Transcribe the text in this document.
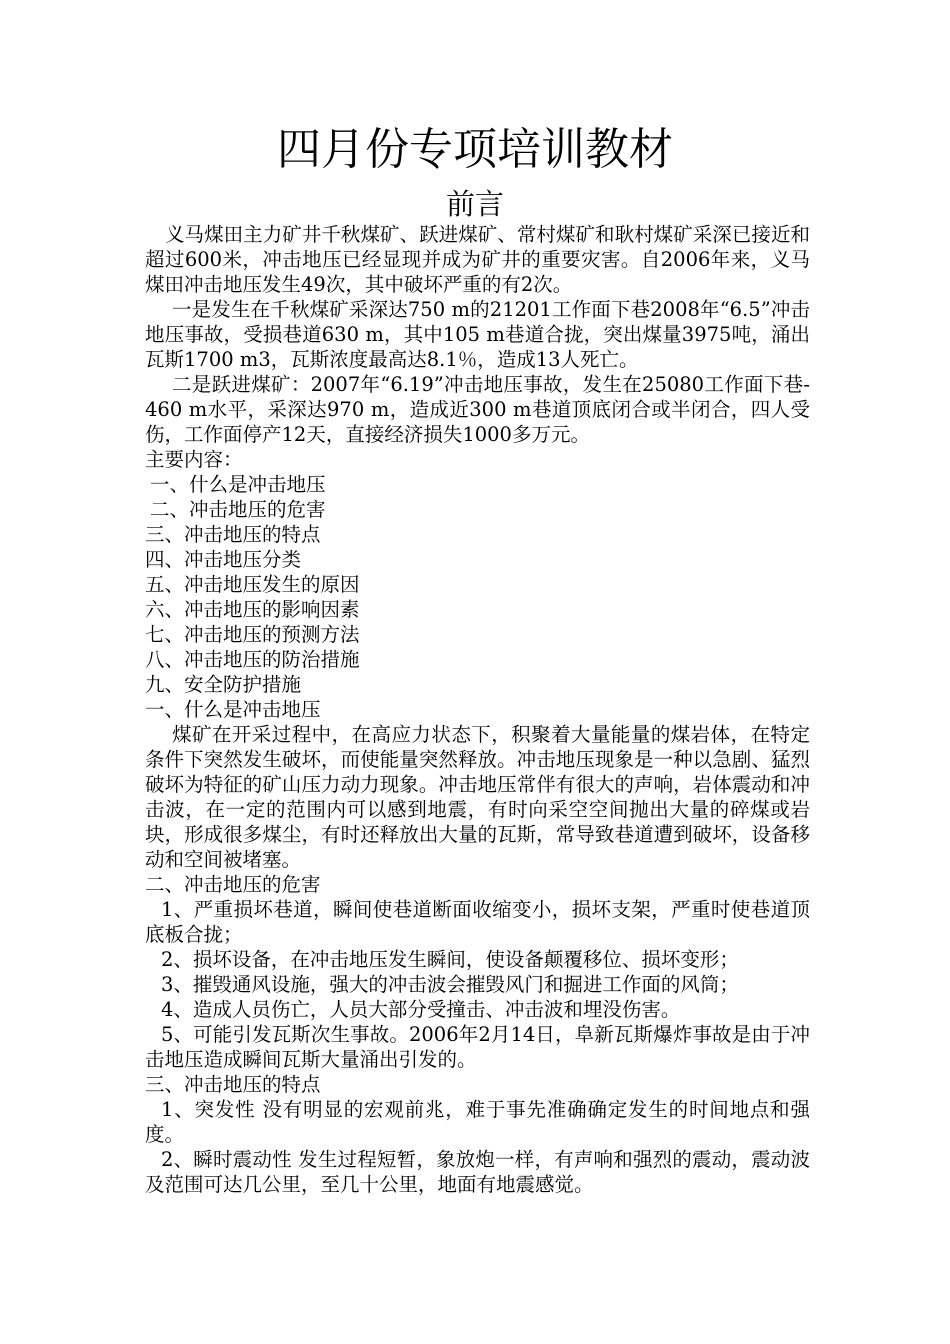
四月份专项培训教材
前言

义马煤田主力矿井千秋煤矿、跃进煤矿、常村煤矿和耿村煤矿采深已接近和超过600米，冲击地压已经显现并成为矿井的重要灾害。自2006年来，义马煤田冲击地压发生49次，其中破坏严重的有2次。

一是发生在千秋煤矿采深达750 m的21201工作面下巷2008年“6.5”冲击地压事故，受损巷道630 m，其中105 m巷道合拢，突出煤量3975吨，涌出瓦斯1700 m3，瓦斯浓度最高达8.1％，造成13人死亡。

二是跃进煤矿：2007年“6.19”冲击地压事故，发生在25080工作面下巷-460 m水平，采深达970 m，造成近300 m巷道顶底闭合或半闭合，四人受伤，工作面停产12天，直接经济损失1000多万元。

主要内容：

一、什么是冲击地压

二、冲击地压的危害

三、冲击地压的特点

四、冲击地压分类

五、冲击地压发生的原因

六、冲击地压的影响因素

七、冲击地压的预测方法

八、冲击地压的防治措施

九、安全防护措施

一、什么是冲击地压

煤矿在开采过程中，在高应力状态下，积聚着大量能量的煤岩体，在特定条件下突然发生破坏，而使能量突然释放。冲击地压现象是一种以急剧、猛烈破坏为特征的矿山压力动力现象。冲击地压常伴有很大的声响，岩体震动和冲击波，在一定的范围内可以感到地震，有时向采空空间抛出大量的碎煤或岩块，形成很多煤尘，有时还释放出大量的瓦斯，常导致巷道遭到破坏，设备移动和空间被堵塞。

二、冲击地压的危害

1、严重损坏巷道，瞬间使巷道断面收缩变小，损坏支架，严重时使巷道顶底板合拢；

2、损坏设备，在冲击地压发生瞬间，使设备颠覆移位、损坏变形；

3、摧毁通风设施，强大的冲击波会摧毁风门和掘进工作面的风筒；

4、造成人员伤亡，人员大部分受撞击、冲击波和埋没伤害。

5、可能引发瓦斯次生事故。2006年2月14日，阜新瓦斯爆炸事故是由于冲击地压造成瞬间瓦斯大量涌出引发的。

三、冲击地压的特点

1、突发性 没有明显的宏观前兆，难于事先准确确定发生的时间地点和强度。

2、瞬时震动性 发生过程短暂，象放炮一样，有声响和强烈的震动，震动波及范围可达几公里，至几十公里，地面有地震感觉。
